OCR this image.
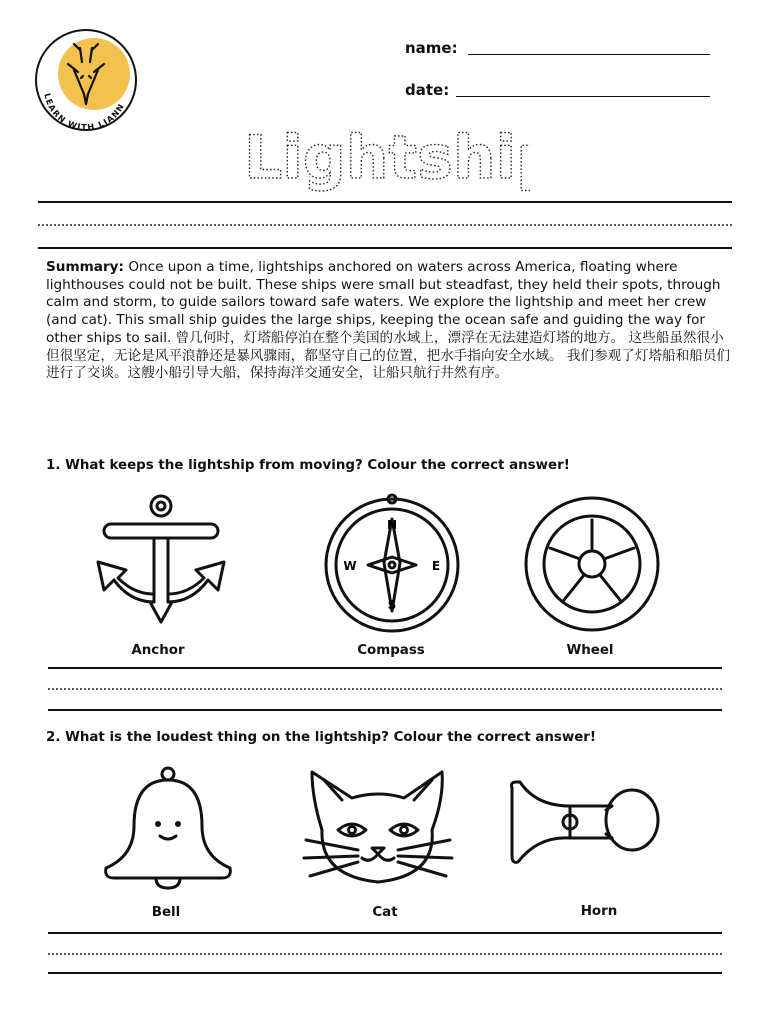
LEARN WITH LIANN
name:
date:
Lightship
Summary: Once upon a time, lightships anchored on waters across America, floating where lighthouses could not be built. These ships were small but steadfast, they held their spots, through calm and storm, to guide sailors toward safe waters. We explore the lightship and meet her crew (and cat). This small ship guides the large ships, keeping the ocean safe and guiding the way for other ships to sail. 曾几何时，灯塔船停泊在整个美国的水域上，漂浮在无法建造灯塔的地方。 这些船虽然很小但很坚定，无论是风平浪静还是暴风骤雨，都坚守自己的位置，把水手指向安全水域。 我们参观了灯塔船和船员们进行了交谈。这艘小船引导大船，保持海洋交通安全，让船只航行井然有序。
1. What keeps the lightship from moving? Colour the correct answer!
Anchor
N
S
E
W
Compass	Wheel
2. What is the loudest thing on the lightship? Colour the correct answer!
Bell	Cat	Horn
